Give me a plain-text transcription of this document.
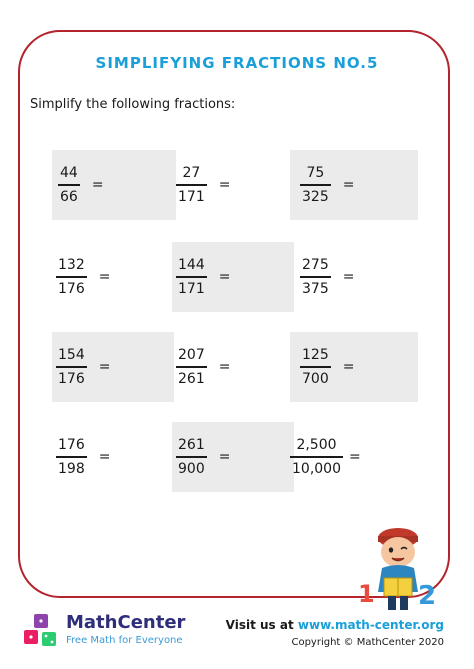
SIMPLIFYING FRACTIONS NO.5
Simplify the following fractions:
$\frac{44}{66}$ =	$\frac{27}{171}$ =	$\frac{75}{325}$ =
$\frac{132}{176}$ =	$\frac{144}{171}$ =	$\frac{275}{375}$ =
$\frac{154}{176}$ =	$\frac{207}{261}$ =	$\frac{125}{700}$ =
$\frac{176}{198}$ =	$\frac{261}{900}$ =	$\frac{2,500}{10,000}$ =
1 2
MathCenter
Free Math for Everyone
Visit us at www.math-center.org
Copyright © MathCenter 2020
